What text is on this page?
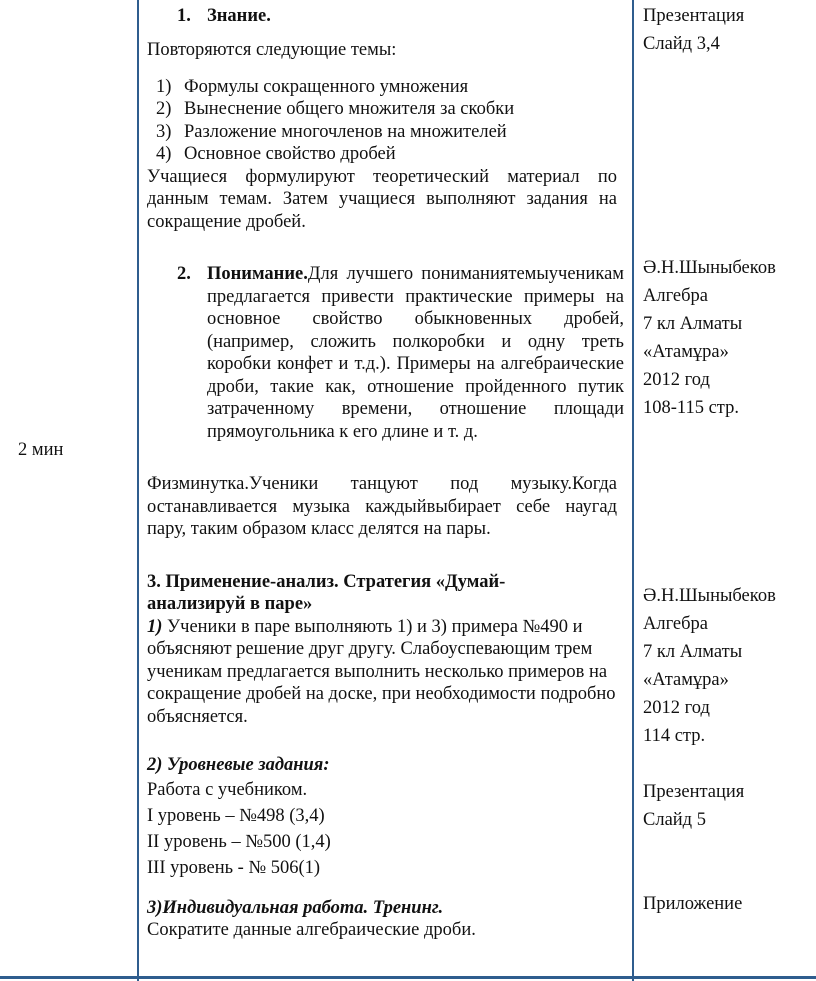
2 мин
1. Знание.

Повторяются следующие темы:

1) Формулы сокращенного умножения
2) Вынеснение общего множителя за скобки
3) Разложение многочленов на множителей
4) Основное свойство дробей

Учащиеся формулируют теоретический материал по данным темам. Затем учащиеся выполняют задания на сокращение дробей.

2. Понимание.Для лучшего пониманиятемыученикам предлагается привести практические примеры на основное свойство обыкновенных дробей, (например, сложить полкоробки и одну треть коробки конфет и т.д.). Примеры на алгебраические дроби, такие как, отношение пройденного путик затраченному времени, отношение площади прямоугольника к его длине и т. д.

Физминутка.Ученики танцуют под музыку.Когда останавливается музыка каждыйвыбирает себе наугад пару, таким образом класс делятся на пары.

3. Применение-анализ. Стратегия «Думай-анализируй в паре»

1) Ученики в паре выполняють 1) и 3) примера №490 и объясняют решение друг другу. Слабоуспевающим трем ученикам предлагается выполнить несколько примеров на сокращение дробей на доске, при необходимости подробно объясняется.

2) Уровневые задания:

Работа с учебником.
I уровень – №498 (3,4)
II уровень – №500 (1,4)
III уровень - № 506(1)

3)Индивидуальная работа. Тренинг.

Сократите данные алгебраические дроби.

Презентация
Слайд 3,4
Ә.Н.Шыныбеков
Алгебра
7 кл Алматы
«Атамұра»
2012 год
108-115 стр.
Ә.Н.Шыныбеков
Алгебра
7 кл Алматы
«Атамұра»
2012 год
114 стр.
Презентация
Слайд 5
Приложение
